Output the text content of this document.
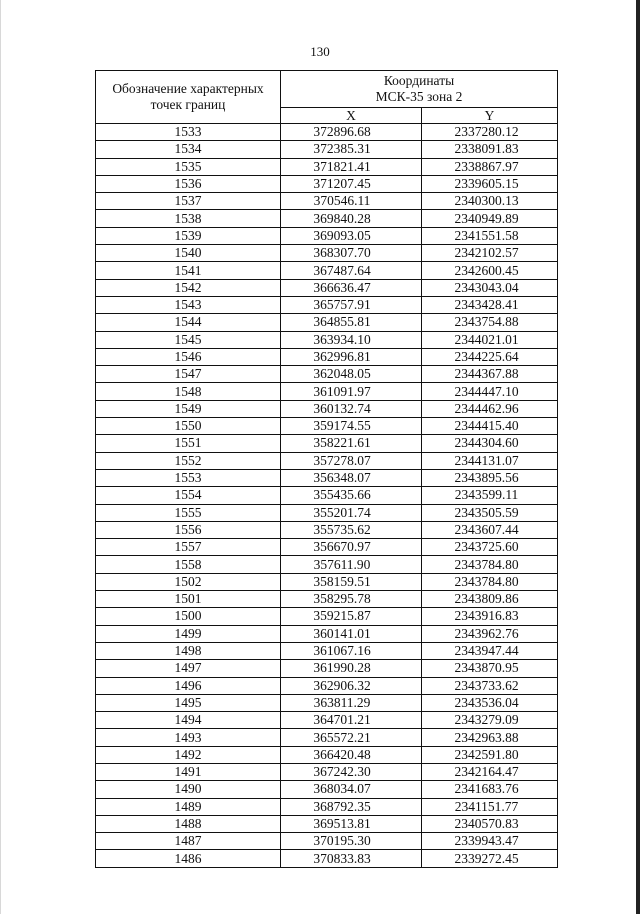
130
Обозначение характерных точек границ	Координаты
МСК-35 зона 2	

	X	Y
1533	372896.68	2337280.12
1534	372385.31	2338091.83
1535	371821.41	2338867.97
1536	371207.45	2339605.15
1537	370546.11	2340300.13
1538	369840.28	2340949.89
1539	369093.05	2341551.58
1540	368307.70	2342102.57
1541	367487.64	2342600.45
1542	366636.47	2343043.04
1543	365757.91	2343428.41
1544	364855.81	2343754.88
1545	363934.10	2344021.01
1546	362996.81	2344225.64
1547	362048.05	2344367.88
1548	361091.97	2344447.10
1549	360132.74	2344462.96
1550	359174.55	2344415.40
1551	358221.61	2344304.60
1552	357278.07	2344131.07
1553	356348.07	2343895.56
1554	355435.66	2343599.11
1555	355201.74	2343505.59
1556	355735.62	2343607.44
1557	356670.97	2343725.60
1558	357611.90	2343784.80
1502	358159.51	2343784.80
1501	358295.78	2343809.86
1500	359215.87	2343916.83
1499	360141.01	2343962.76
1498	361067.16	2343947.44
1497	361990.28	2343870.95
1496	362906.32	2343733.62
1495	363811.29	2343536.04
1494	364701.21	2343279.09
1493	365572.21	2342963.88
1492	366420.48	2342591.80
1491	367242.30	2342164.47
1490	368034.07	2341683.76
1489	368792.35	2341151.77
1488	369513.81	2340570.83
1487	370195.30	2339943.47
1486	370833.83	2339272.45
